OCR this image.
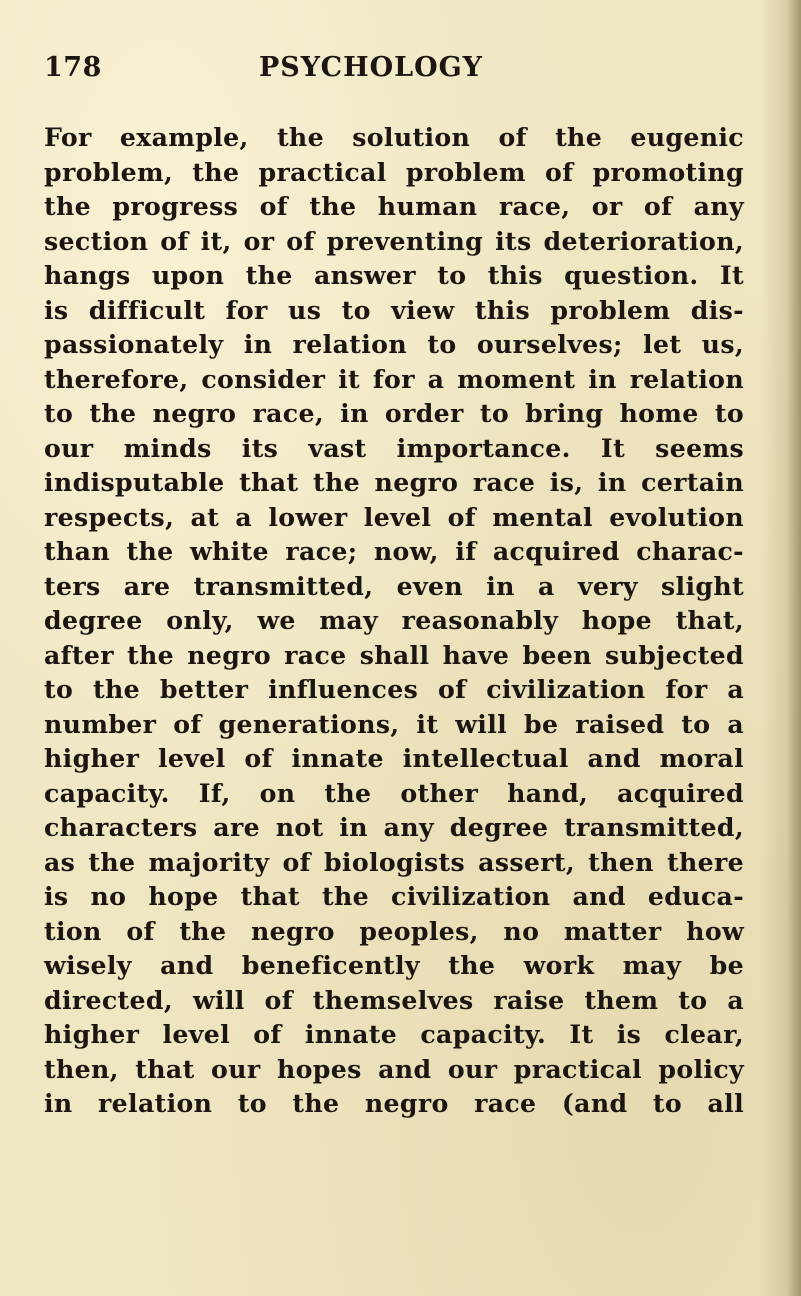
178	PSYCHOLOGY
For example, the solution of the eugenic
problem, the practical problem of promoting
the progress of the human race, or of any
section of it, or of preventing its deterioration,
hangs upon the answer to this question. It
is difficult for us to view this problem dis-
passionately in relation to ourselves; let us,
therefore, consider it for a moment in relation
to the negro race, in order to bring home to
our minds its vast importance. It seems
indisputable that the negro race is, in certain
respects, at a lower level of mental evolution
than the white race; now, if acquired charac-
ters are transmitted, even in a very slight
degree only, we may reasonably hope that,
after the negro race shall have been subjected
to the better influences of civilization for a
number of generations, it will be raised to a
higher level of innate intellectual and moral
capacity. If, on the other hand, acquired
characters are not in any degree transmitted,
as the majority of biologists assert, then there
is no hope that the civilization and educa-
tion of the negro peoples, no matter how
wisely and beneficently the work may be
directed, will of themselves raise them to a
higher level of innate capacity. It is clear,
then, that our hopes and our practical policy
in relation to the negro race (and to all
